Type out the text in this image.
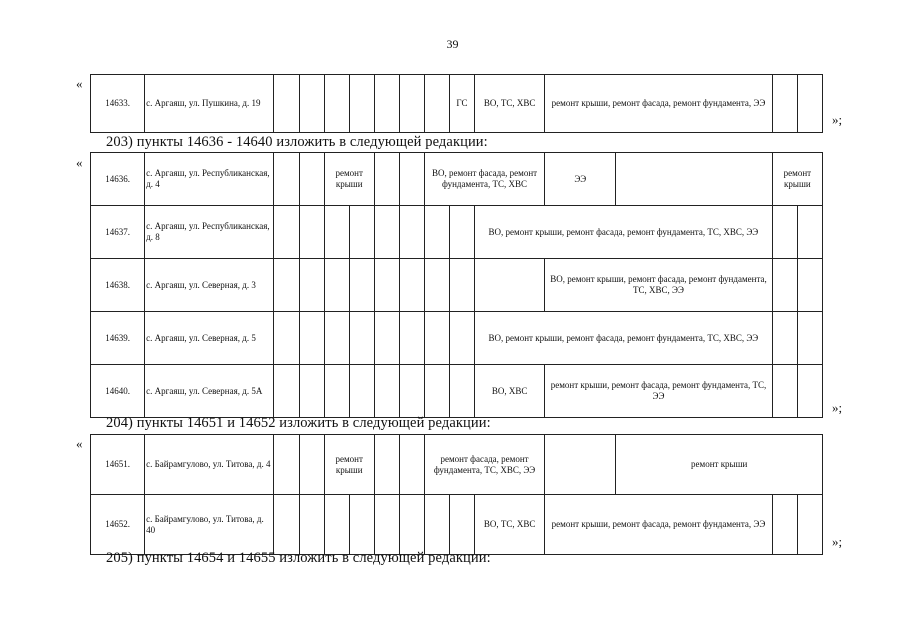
39
«
14633.	с. Аргаяш, ул. Пушкина, д. 19								ГС	ВО, ТС, ХВС	ремонт крыши, ремонт фасада, ремонт фундамента, ЭЭ		
»;
203) пункты 14636 - 14640 изложить в следующей редакции:
«
14636.	с. Аргаяш, ул. Республиканская, д. 4			ремонт крыши				ВО, ремонт фасада, ремонт фундамента, ТС, ХВС			ЭЭ		ремонт крыши	
14637.	с. Аргаяш, ул. Республиканская, д. 8									ВО, ремонт крыши, ремонт фасада, ремонт фундамента, ТС, ХВС, ЭЭ				
14638.	с. Аргаяш, ул. Северная, д. 3										ВО, ремонт крыши, ремонт фасада, ремонт фундамента, ТС, ХВС, ЭЭ			
14639.	с. Аргаяш, ул. Северная, д. 5									ВО, ремонт крыши, ремонт фасада, ремонт фундамента, ТС, ХВС, ЭЭ				
14640.	с. Аргаяш, ул. Северная, д. 5А									ВО, ХВС	ремонт крыши, ремонт фасада, ремонт фундамента, ТС, ЭЭ			
»;
204) пункты 14651 и 14652 изложить в следующей редакции:
«
14651.	с. Байрамгулово, ул. Титова, д. 4			ремонт крыши				ремонт фасада, ремонт фундамента, ТС, ХВС, ЭЭ				ремонт крыши		
14652.	с. Байрамгулово, ул. Титова, д. 40									ВО, ТС, ХВС	ремонт крыши, ремонт фасада, ремонт фундамента, ЭЭ			
»;
205) пункты 14654 и 14655 изложить в следующей редакции:
